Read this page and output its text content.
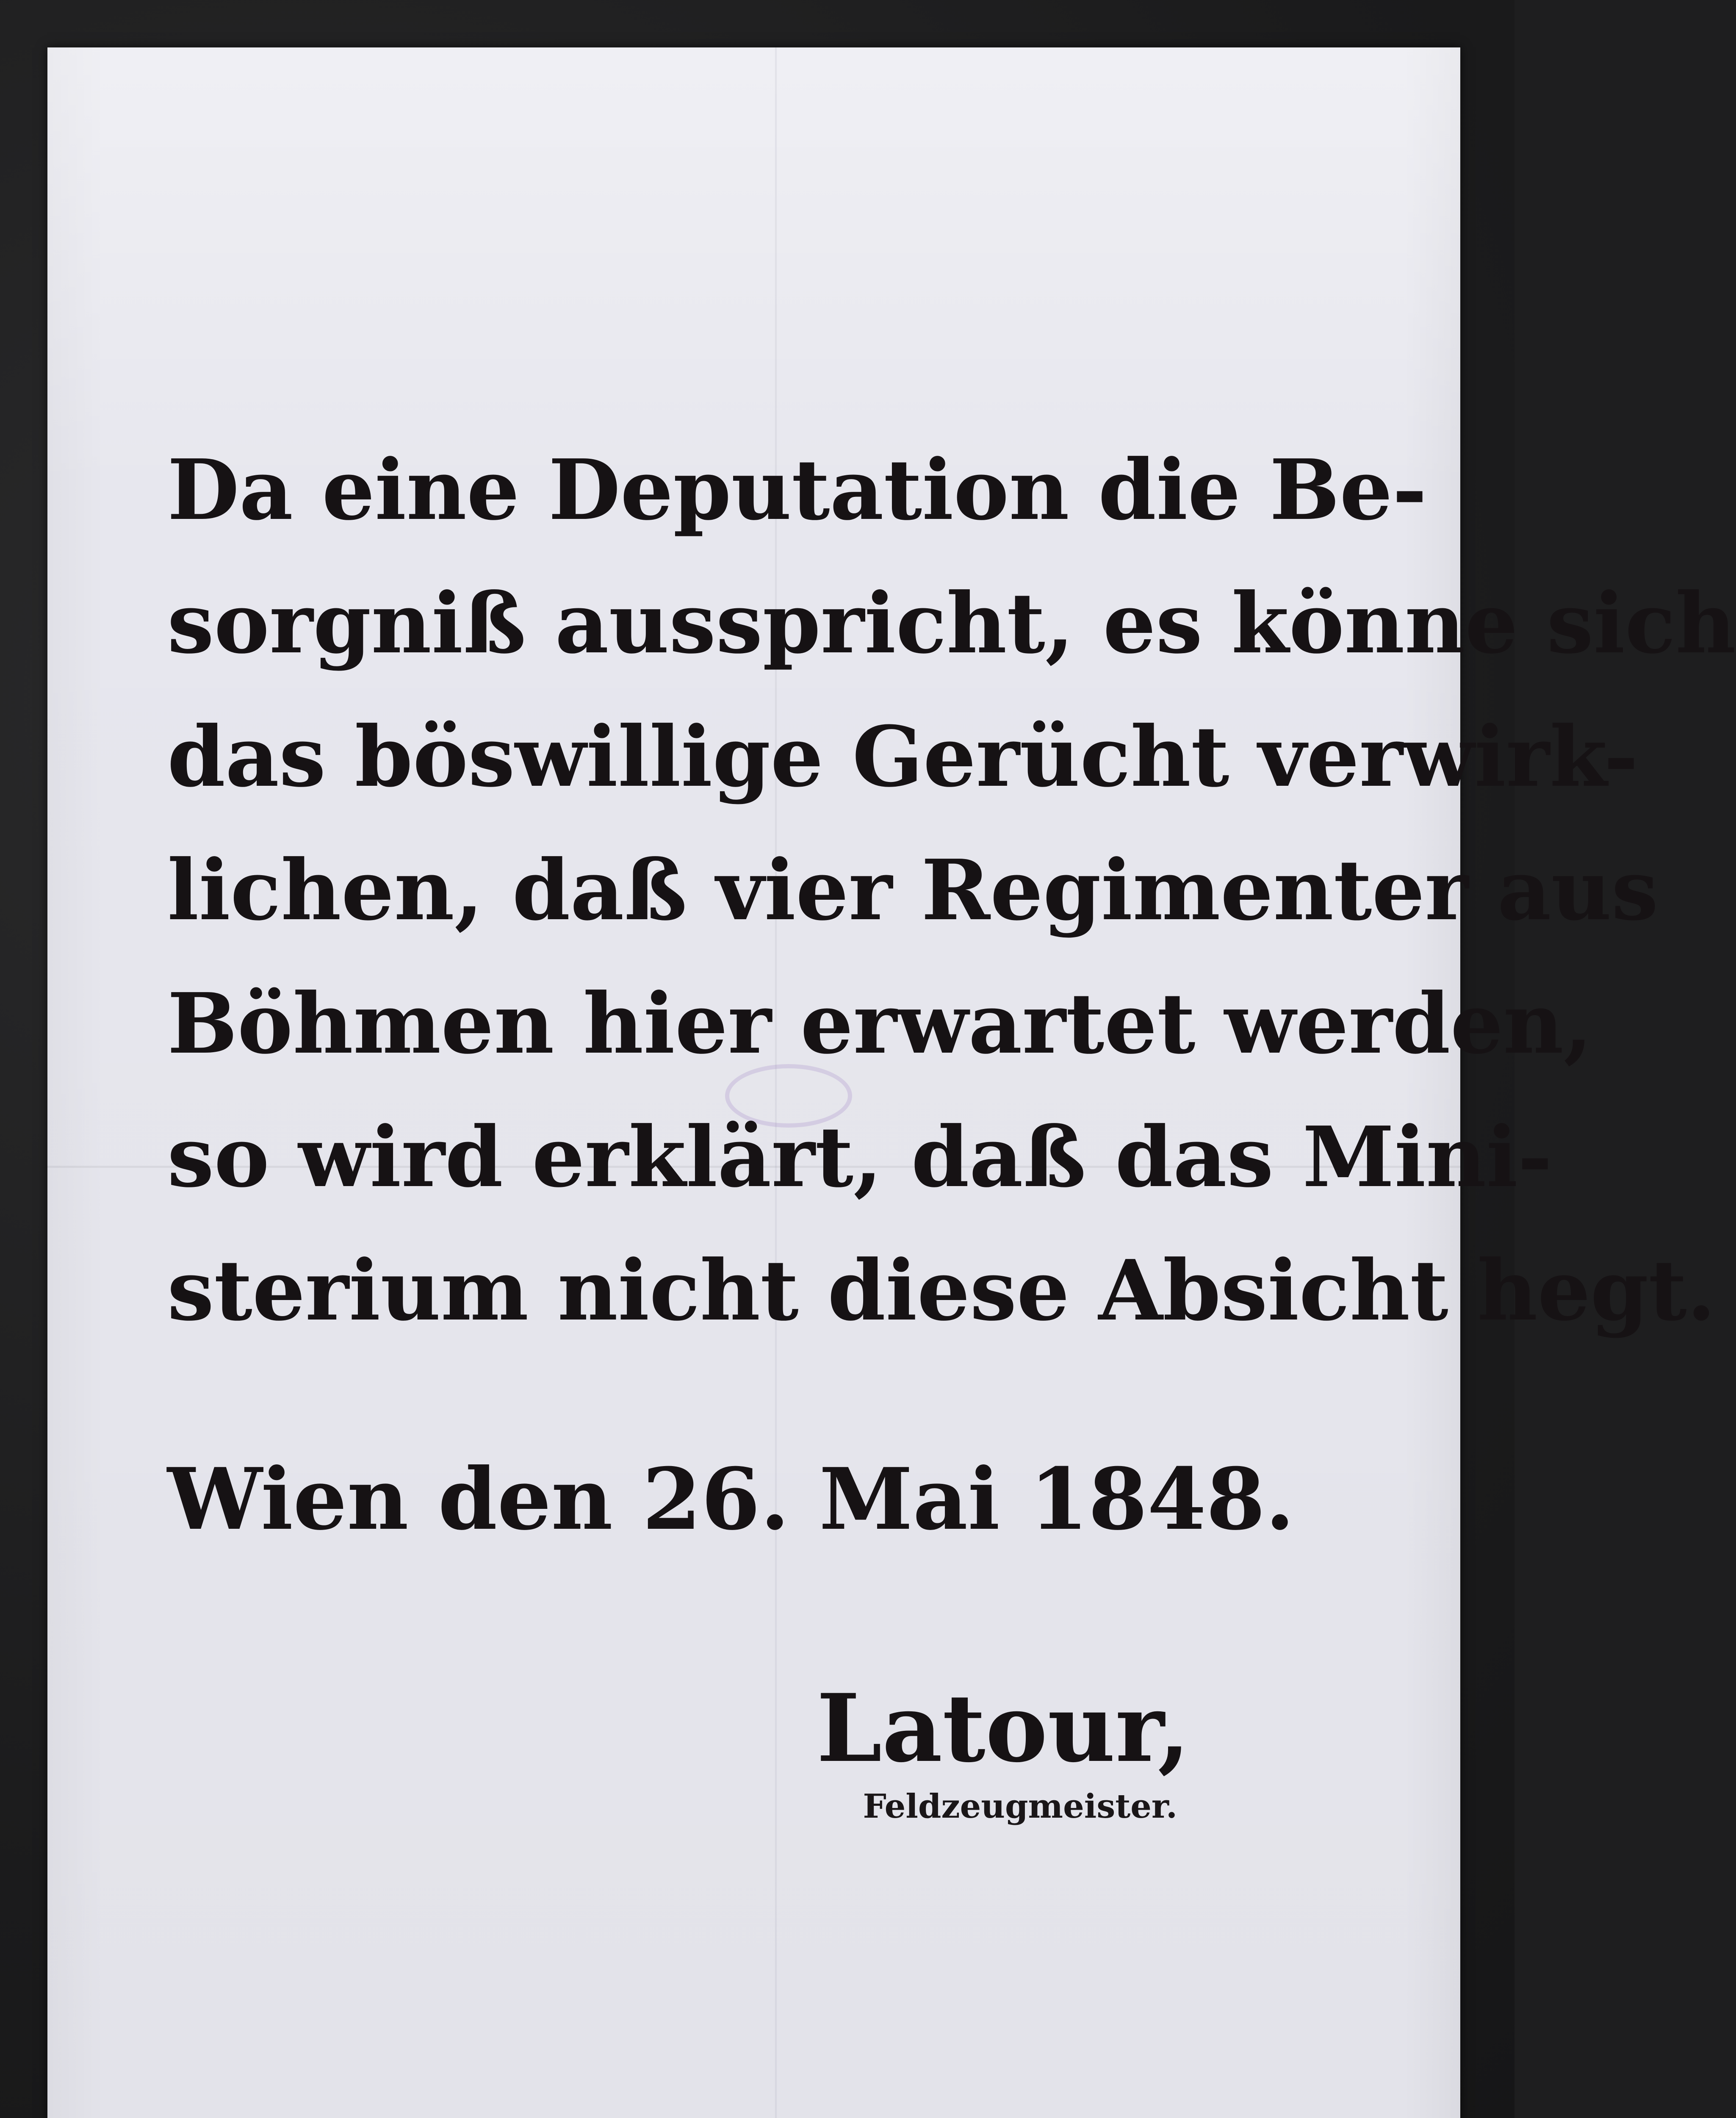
Da eine Deputation die Be-
sorgniß ausspricht, es könne sich
das böswillige Gerücht verwirk-
lichen, daß vier Regimenter aus
Böhmen hier erwartet werden,
so wird erklärt, daß das Mini-
sterium nicht diese Absicht hegt.
Wien den 26. Mai 1848.
Latour,
Feldzeugmeister.
